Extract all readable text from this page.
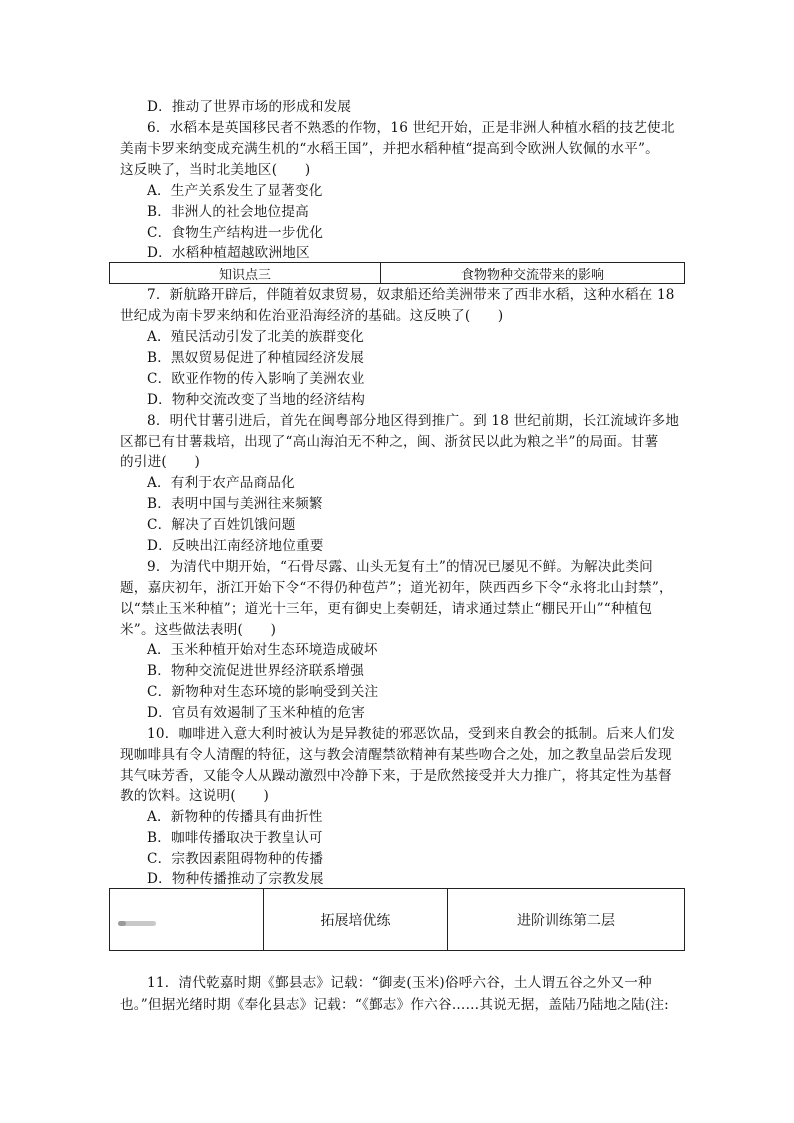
D．推动了世界市场的形成和发展
6．水稻本是英国移民者不熟悉的作物，16 世纪开始，正是非洲人种植水稻的技艺使北
美南卡罗来纳变成充满生机的“水稻王国”，并把水稻种植“提高到令欧洲人钦佩的水平”。
这反映了，当时北美地区(　　)
A．生产关系发生了显著变化
B．非洲人的社会地位提高
C．食物生产结构进一步优化
D．水稻种植超越欧洲地区
知识点三	食物物种交流带来的影响
7．新航路开辟后，伴随着奴隶贸易，奴隶船还给美洲带来了西非水稻，这种水稻在 18
世纪成为南卡罗来纳和佐治亚沿海经济的基础。这反映了(　　)
A．殖民活动引发了北美的族群变化
B．黑奴贸易促进了种植园经济发展
C．欧亚作物的传入影响了美洲农业
D．物种交流改变了当地的经济结构
8．明代甘薯引进后，首先在闽粤部分地区得到推广。到 18 世纪前期，长江流域许多地
区都已有甘薯栽培，出现了“高山海泊无不种之，闽、浙贫民以此为粮之半”的局面。甘薯
的引进(　　)
A．有利于农产品商品化
B．表明中国与美洲往来频繁
C．解决了百姓饥饿问题
D．反映出江南经济地位重要
9．为清代中期开始，“石骨尽露、山头无复有土”的情况已屡见不鲜。为解决此类问
题，嘉庆初年，浙江开始下令“不得仍种苞芦”；道光初年，陕西西乡下令“永将北山封禁”，
以“禁止玉米种植”；道光十三年，更有御史上奏朝廷，请求通过禁止“棚民开山”“种植包
米”。这些做法表明(　　)
A．玉米种植开始对生态环境造成破坏
B．物种交流促进世界经济联系增强
C．新物种对生态环境的影响受到关注
D．官员有效遏制了玉米种植的危害
10．咖啡进入意大利时被认为是异教徒的邪恶饮品，受到来自教会的抵制。后来人们发
现咖啡具有令人清醒的特征，这与教会清醒禁欲精神有某些吻合之处，加之教皇品尝后发现
其气味芳香，又能令人从躁动激烈中冷静下来，于是欣然接受并大力推广，将其定性为基督
教的饮料。这说明(　　)
A．新物种的传播具有曲折性
B．咖啡传播取决于教皇认可
C．宗教因素阻碍物种的传播
D．物种传播推动了宗教发展
拓展培优练	进阶训练第二层
11．清代乾嘉时期《鄞县志》记载：“御麦(玉米)俗呼六谷，土人谓五谷之外又一种
也。”但据光绪时期《奉化县志》记载：“《鄞志》作六谷……其说无据，盖陆乃陆地之陆(注:
